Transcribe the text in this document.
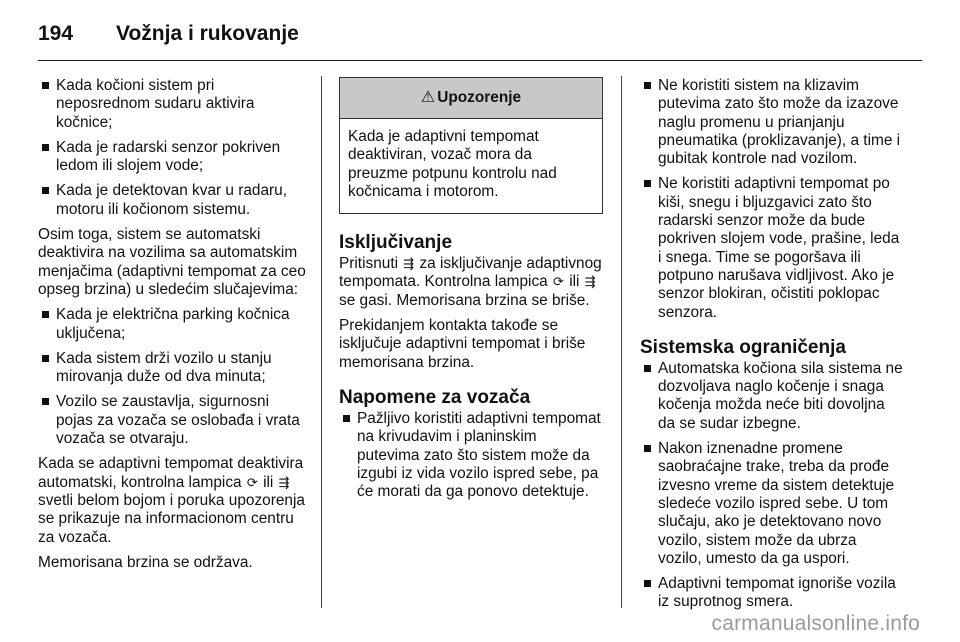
194	Vožnja i rukovanje
Kada kočioni sistem pri neposrednom sudaru aktivira kočnice;
Kada je radarski senzor pokriven ledom ili slojem vode;
Kada je detektovan kvar u radaru, motoru ili kočionom sistemu.

Osim toga, sistem se automatski deaktivira na vozilima sa automatskim menjačima (adaptivni tempomat za ceo opseg brzina) u sledećim slučajevima:

Kada je električna parking kočnica uključena;
Kada sistem drži vozilo u stanju mirovanja duže od dva minuta;
Vozilo se zaustavlja, sigurnosni pojas za vozača se oslobađa i vrata vozača se otvaraju.

Kada se adaptivni tempomat deaktivira automatski, kontrolna lampica ⟳ ili ⇶ svetli belom bojom i poruka upozorenja se prikazuje na informacionom centru za vozača.

Memorisana brzina se održava.

⚠ Upozorenje
Kada je adaptivni tempomat deaktiviran, vozač mora da preuzme potpunu kontrolu nad kočnicama i motorom.
Isključivanje

Pritisnuti ⇶ za isključivanje adaptivnog tempomata. Kontrolna lampica ⟳ ili ⇶ se gasi. Memorisana brzina se briše.

Prekidanjem kontakta takođe se isključuje adaptivni tempomat i briše memorisana brzina.

Napomene za vozača
Pažljivo koristiti adaptivni tempomat na krivudavim i planinskim putevima zato što sistem može da izgubi iz vida vozilo ispred sebe, pa će morati da ga ponovo detektuje.
Ne koristiti sistem na klizavim putevima zato što može da izazove naglu promenu u prianjanju pneumatika (proklizavanje), a time i gubitak kontrole nad vozilom.
Ne koristiti adaptivni tempomat po kiši, snegu i bljuzgavici zato što radarski senzor može da bude pokriven slojem vode, prašine, leda i snega. Time se pogoršava ili potpuno narušava vidljivost. Ako je senzor blokiran, očistiti poklopac senzora.
Sistemska ograničenja
Automatska kočiona sila sistema ne dozvoljava naglo kočenje i snaga kočenja možda neće biti dovoljna da se sudar izbegne.
Nakon iznenadne promene saobraćajne trake, treba da prođe izvesno vreme da sistem detektuje sledeće vozilo ispred sebe. U tom slučaju, ako je detektovano novo vozilo, sistem može da ubrza vozilo, umesto da ga uspori.
Adaptivni tempomat ignoriše vozila iz suprotnog smera.
carmanualsonline.info
